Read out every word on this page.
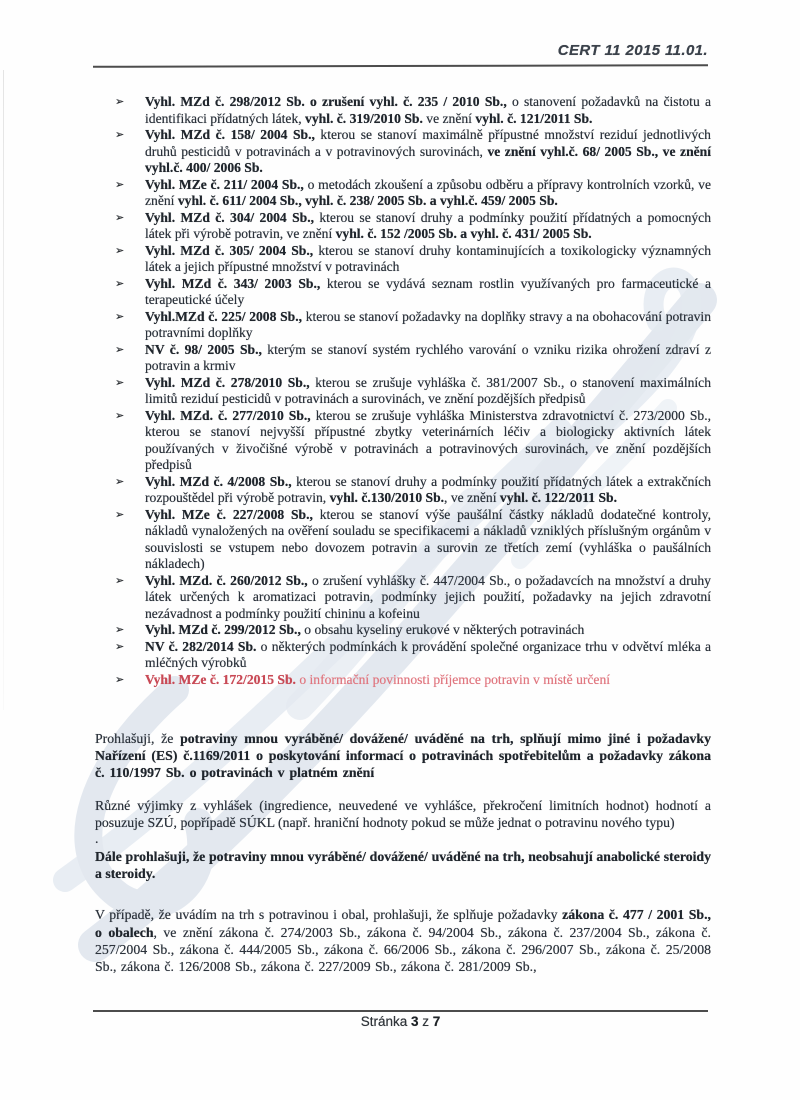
CERT 11 2015 11.01.
➢	Vyhl. MZd č. 298/2012 Sb. o zrušení vyhl. č. 235 / 2010 Sb., o stanovení požadavků na čistotu a identifikaci přídatných látek, vyhl. č. 319/2010 Sb. ve znění vyhl. č. 121/2011 Sb.
➢	Vyhl. MZd č. 158/ 2004 Sb., kterou se stanoví maximálně přípustné množství reziduí jednotlivých druhů pesticidů v potravinách a v potravinových surovinách, ve znění vyhl.č. 68/ 2005 Sb., ve znění vyhl.č. 400/ 2006 Sb.
➢	Vyhl. MZe č. 211/ 2004 Sb., o metodách zkoušení a způsobu odběru a přípravy kontrolních vzorků, ve znění vyhl. č. 611/ 2004 Sb., vyhl. č. 238/ 2005 Sb. a vyhl.č. 459/ 2005 Sb.
➢	Vyhl. MZd č. 304/ 2004 Sb., kterou se stanoví druhy a podmínky použití přídatných a pomocných látek při výrobě potravin, ve znění vyhl. č. 152 /2005 Sb. a vyhl. č. 431/ 2005 Sb.
➢	Vyhl. MZd č. 305/ 2004 Sb., kterou se stanoví druhy kontaminujících a toxikologicky významných látek a jejich přípustné množství v potravinách
➢	Vyhl. MZd č. 343/ 2003 Sb., kterou se vydává seznam rostlin využívaných pro farmaceutické a terapeutické účely
➢	Vyhl.MZd č. 225/ 2008 Sb., kterou se stanoví požadavky na doplňky stravy a na obohacování potravin potravními doplňky
➢	NV č. 98/ 2005 Sb., kterým se stanoví systém rychlého varování o vzniku rizika ohrožení zdraví z potravin a krmiv
➢	Vyhl. MZd č. 278/2010 Sb., kterou se zrušuje vyhláška č. 381/2007 Sb., o stanovení maximálních limitů reziduí pesticidů v potravinách a surovinách, ve znění pozdějších předpisů
➢	Vyhl. MZd. č. 277/2010 Sb., kterou se zrušuje vyhláška Ministerstva zdravotnictví č. 273/2000 Sb., kterou se stanoví nejvyšší přípustné zbytky veterinárních léčiv a biologicky aktivních látek používaných v živočišné výrobě v potravinách a potravinových surovinách, ve znění pozdějších předpisů
➢	Vyhl. MZd č. 4/2008 Sb., kterou se stanoví druhy a podmínky použití přídatných látek a extrakčních rozpouštědel při výrobě potravin, vyhl. č.130/2010 Sb., ve znění vyhl. č. 122/2011 Sb.
➢	Vyhl. MZe č. 227/2008 Sb., kterou se stanoví výše paušální částky nákladů dodatečné kontroly, nákladů vynaložených na ověření souladu se specifikacemi a nákladů vzniklých příslušným orgánům v souvislosti se vstupem nebo dovozem potravin a surovin ze třetích zemí (vyhláška o paušálních nákladech)
➢	Vyhl. MZd. č. 260/2012 Sb., o zrušení vyhlášky č. 447/2004 Sb., o požadavcích na množství a druhy látek určených k aromatizaci potravin, podmínky jejich použití, požadavky na jejich zdravotní nezávadnost a podmínky použití chininu a kofeinu
➢	Vyhl. MZd č. 299/2012 Sb., o obsahu kyseliny erukové v některých potravinách
➢	NV č. 282/2014 Sb. o některých podmínkách k provádění společné organizace trhu v odvětví mléka a mléčných výrobků
➢	Vyhl. MZe č. 172/2015 Sb. o informační povinnosti příjemce potravin v místě určení

Prohlašuji, že potraviny mnou vyráběné/ dovážené/ uváděné na trh, splňují mimo jiné i požadavky Nařízení (ES) č.1169/2011 o poskytování informací o potravinách spotřebitelům a požadavky zákona č. 110/1997 Sb. o potravinách v platném znění

Různé výjimky z vyhlášek (ingredience, neuvedené ve vyhlášce, překročení limitních hodnot) hodnotí a posuzuje SZÚ, popřípadě SÚKL (např. hraniční hodnoty pokud se může jednat o potravinu nového typu)

.

Dále prohlašuji, že potraviny mnou vyráběné/ dovážené/ uváděné na trh, neobsahují anabolické steroidy a steroidy.

V případě, že uvádím na trh s potravinou i obal, prohlašuji, že splňuje požadavky zákona č. 477 / 2001 Sb., o obalech, ve znění zákona č. 274/2003 Sb., zákona č. 94/2004 Sb., zákona č. 237/2004 Sb., zákona č. 257/2004 Sb., zákona č. 444/2005 Sb., zákona č. 66/2006 Sb., zákona č. 296/2007 Sb., zákona č. 25/2008 Sb., zákona č. 126/2008 Sb., zákona č. 227/2009 Sb., zákona č. 281/2009 Sb.,

Stránka 3 z 7
